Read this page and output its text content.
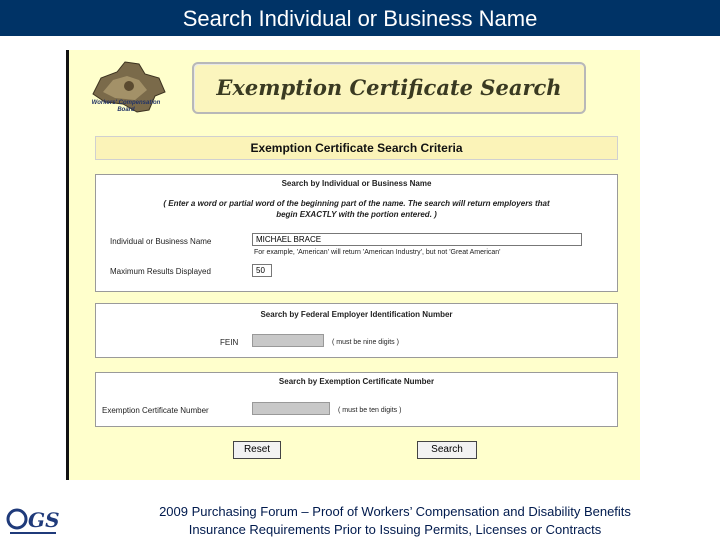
Search Individual or Business Name
Workers' Compensation Board
Exemption Certificate Search
Exemption Certificate Search Criteria
Search by Individual or Business Name
( Enter a word or partial word of the beginning part of the name. The search will return employers that begin EXACTLY with the portion entered. )
Individual or Business Name	MICHAEL BRACE
For example, 'American' will return 'American Industry', but not 'Great American'
Maximum Results Displayed	50
Search by Federal Employer Identification Number
FEIN	( must be nine digits )
Search by Exemption Certificate Number
Exemption Certificate Number	( must be ten digits )
Reset	Search
GS	2009 Purchasing Forum – Proof of Workers’ Compensation and Disability Benefits
Insurance Requirements Prior to Issuing Permits, Licenses or Contracts
